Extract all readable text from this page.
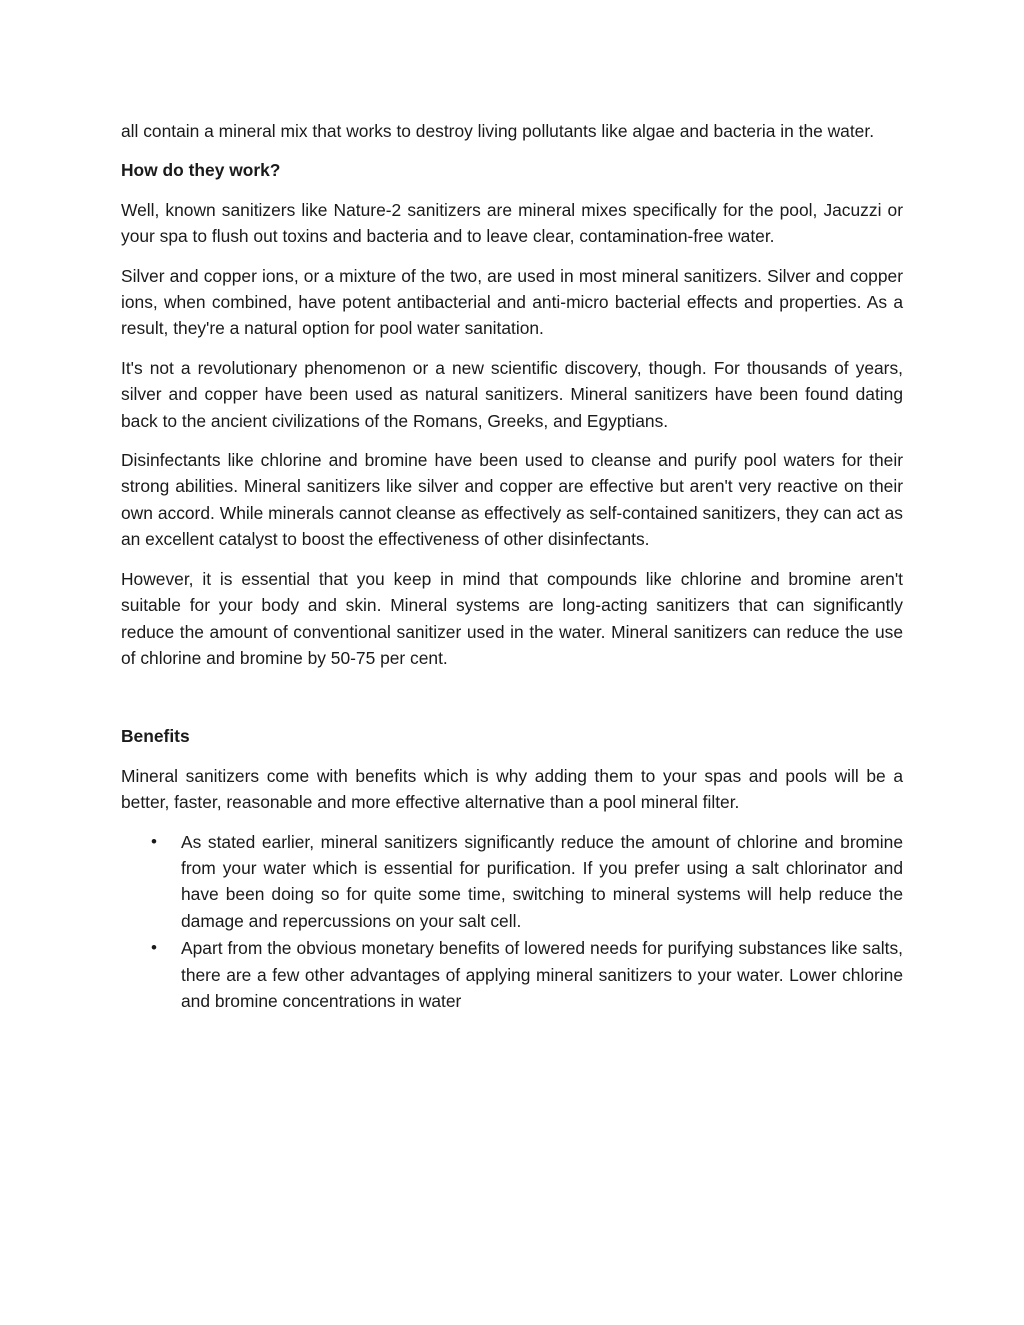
all contain a mineral mix that works to destroy living pollutants like algae and bacteria in the water.

How do they work?

Well, known sanitizers like Nature-2 sanitizers are mineral mixes specifically for the pool, Jacuzzi or your spa to flush out toxins and bacteria and to leave clear, contamination-free water.

Silver and copper ions, or a mixture of the two, are used in most mineral sanitizers. Silver and copper ions, when combined, have potent antibacterial and anti-micro bacterial effects and properties. As a result, they're a natural option for pool water sanitation.

It's not a revolutionary phenomenon or a new scientific discovery, though. For thousands of years, silver and copper have been used as natural sanitizers. Mineral sanitizers have been found dating back to the ancient civilizations of the Romans, Greeks, and Egyptians.

Disinfectants like chlorine and bromine have been used to cleanse and purify pool waters for their strong abilities. Mineral sanitizers like silver and copper are effective but aren't very reactive on their own accord. While minerals cannot cleanse as effectively as self-contained sanitizers, they can act as an excellent catalyst to boost the effectiveness of other disinfectants.

However, it is essential that you keep in mind that compounds like chlorine and bromine aren't suitable for your body and skin. Mineral systems are long-acting sanitizers that can significantly reduce the amount of conventional sanitizer used in the water. Mineral sanitizers can reduce the use of chlorine and bromine by 50-75 per cent.

Benefits

Mineral sanitizers come with benefits which is why adding them to your spas and pools will be a better, faster, reasonable and more effective alternative than a pool mineral filter.

• As stated earlier, mineral sanitizers significantly reduce the amount of chlorine and bromine from your water which is essential for purification. If you prefer using a salt chlorinator and have been doing so for quite some time, switching to mineral systems will help reduce the damage and repercussions on your salt cell.
• Apart from the obvious monetary benefits of lowered needs for purifying substances like salts, there are a few other advantages of applying mineral sanitizers to your water. Lower chlorine and bromine concentrations in water
